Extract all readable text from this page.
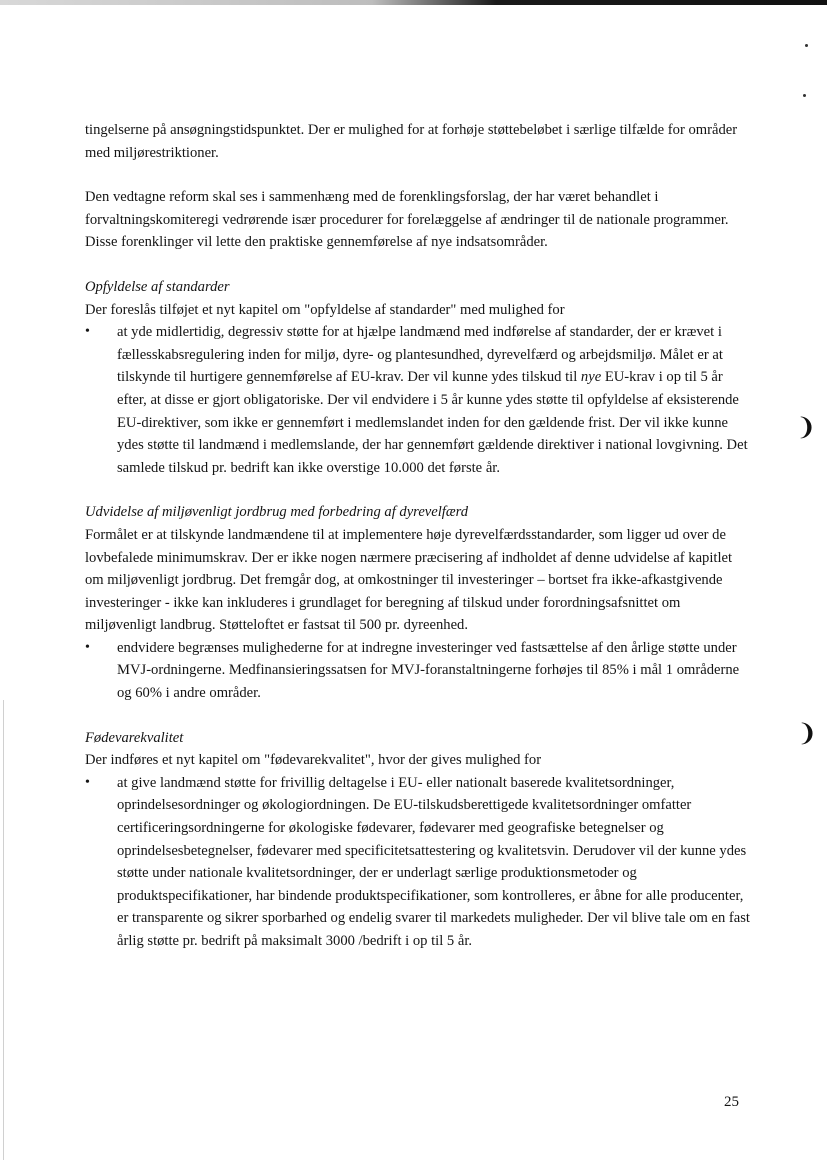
❩
❩

tingelserne på ansøgningstidspunktet. Der er mulighed for at forhøje støttebeløbet i særlige tilfælde for områder med miljørestriktioner.

Den vedtagne reform skal ses i sammenhæng med de forenklingsforslag, der har været behandlet i forvaltningskomiteregi vedrørende især procedurer for forelæggelse af ændringer til de nationale programmer. Disse forenklinger vil lette den praktiske gennemførelse af nye indsatsområder.

Opfyldelse af standarder

Der foreslås tilføjet et nyt kapitel om "opfyldelse af standarder" med mulighed for

• at yde midlertidig, degressiv støtte for at hjælpe landmænd med indførelse af standarder, der er krævet i fællesskabsregulering inden for miljø, dyre- og plantesundhed, dyrevelfærd og arbejdsmiljø. Målet er at tilskynde til hurtigere gennemførelse af EU-krav. Der vil kunne ydes tilskud til nye EU-krav i op til 5 år efter, at disse er gjort obligatoriske. Der vil endvidere i 5 år kunne ydes støtte til opfyldelse af eksisterende EU-direktiver, som ikke er gennemført i medlemslandet inden for den gældende frist. Der vil ikke kunne ydes støtte til landmænd i medlemslande, der har gennemført gældende direktiver i national lovgivning. Det samlede tilskud pr. bedrift kan ikke overstige 10.000 det første år.

Udvidelse af miljøvenligt jordbrug med forbedring af dyrevelfærd

Formålet er at tilskynde landmændene til at implementere høje dyrevelfærdsstandarder, som ligger ud over de lovbefalede minimumskrav. Der er ikke nogen nærmere præcisering af indholdet af denne udvidelse af kapitlet om miljøvenligt jordbrug. Det fremgår dog, at omkostninger til investeringer – bortset fra ikke-afkastgivende investeringer - ikke kan inkluderes i grundlaget for beregning af tilskud under forordningsafsnittet om miljøvenligt landbrug. Støtteloftet er fastsat til 500 pr. dyreenhed.

• endvidere begrænses mulighederne for at indregne investeringer ved fastsættelse af den årlige støtte under MVJ-ordningerne. Medfinansieringssatsen for MVJ-foranstaltningerne forhøjes til 85% i mål 1 områderne og 60% i andre områder.

Fødevarekvalitet

Der indføres et nyt kapitel om "fødevarekvalitet", hvor der gives mulighed for

• at give landmænd støtte for frivillig deltagelse i EU- eller nationalt baserede kvalitetsordninger, oprindelsesordninger og økologiordningen. De EU-tilskudsberettigede kvalitetsordninger omfatter certificeringsordningerne for økologiske fødevarer, fødevarer med geografiske betegnelser og oprindelsesbetegnelser, fødevarer med specificitetsattestering og kvalitetsvin. Derudover vil der kunne ydes støtte under nationale kvalitetsordninger, der er underlagt særlige produktionsmetoder og produktspecifikationer, har bindende produktspecifikationer, som kontrolleres, er åbne for alle producenter, er transparente og sikrer sporbarhed og endelig svarer til markedets muligheder. Der vil blive tale om en fast årlig støtte pr. bedrift på maksimalt 3000 /bedrift i op til 5 år.
25
